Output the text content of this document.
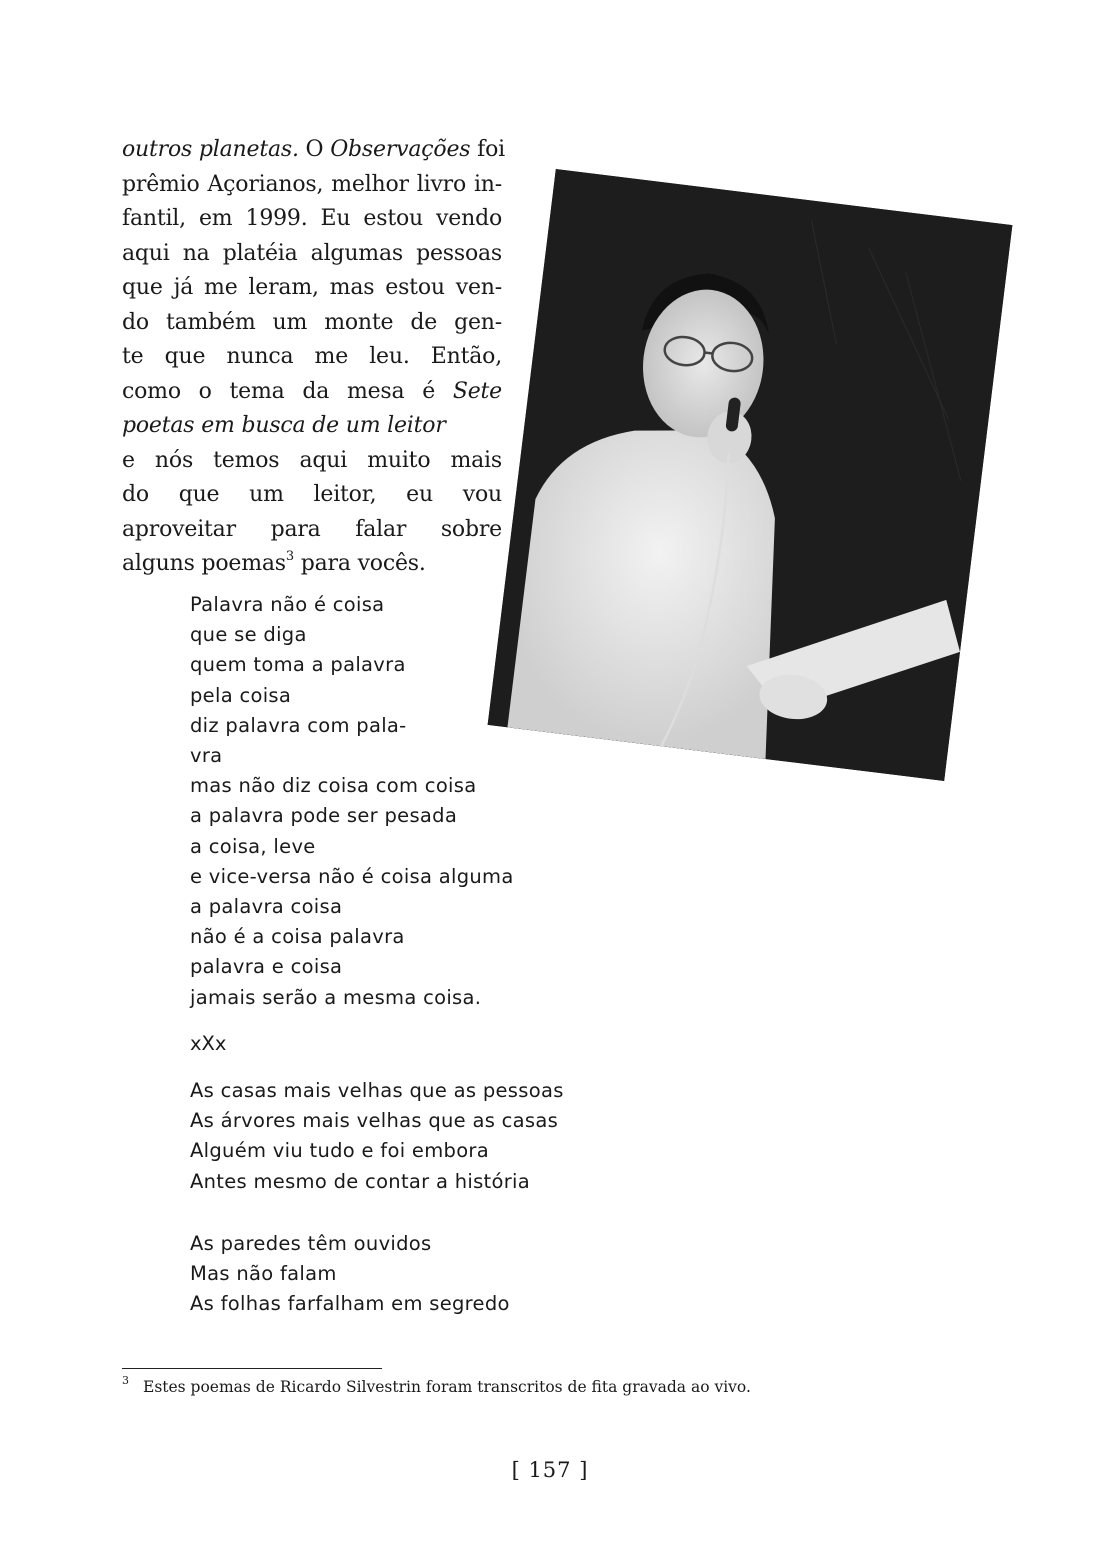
outros planetas. O Observações foi
prêmio Açorianos, melhor livro in-
fantil, em 1999. Eu estou vendo
aqui na platéia algumas pessoas
que já me leram, mas estou ven-
do também um monte de gen-
te que nunca me leu. Então,
como o tema da mesa é Sete
poetas em busca de um leitor
e nós temos aqui muito mais
do que um leitor, eu vou
aproveitar para falar sobre
alguns poemas$^3$ para vocês.
Palavra não é coisa
que se diga
quem toma a palavra
pela coisa
diz palavra com pala-
vra
mas não diz coisa com coisa
a palavra pode ser pesada
a coisa, leve
e vice-versa não é coisa alguma
a palavra coisa
não é a coisa palavra
palavra e coisa
jamais serão a mesma coisa.
xXx
As casas mais velhas que as pessoas
As árvores mais velhas que as casas
Alguém viu tudo e foi embora
Antes mesmo de contar a história
As paredes têm ouvidos
Mas não falam
As folhas farfalham em segredo
$^3$ Estes poemas de Ricardo Silvestrin foram transcritos de fita gravada ao vivo.
[ 157 ]
